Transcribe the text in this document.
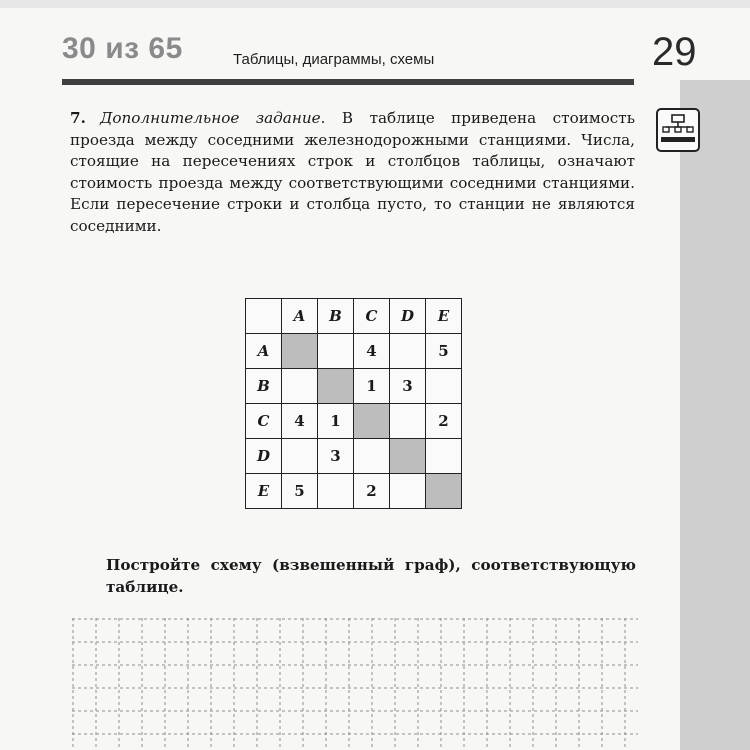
30 из 65	Таблицы, диаграммы, схемы	29
7. Дополнительное задание. В таблице приведена стоимость проезда между соседними железнодорожными станциями. Числа, стоящие на пересечениях строк и столбцов таблицы, означают стоимость проезда между соответствующими соседними станциями. Если пересечение строки и столбца пусто, то станции не являются соседними.
	A	B	C	D	E
A			4		5
B			1	3	
C	4	1			2
D		3			
E	5		2		
Постройте схему (взвешенный граф), соответствующую таблице.
